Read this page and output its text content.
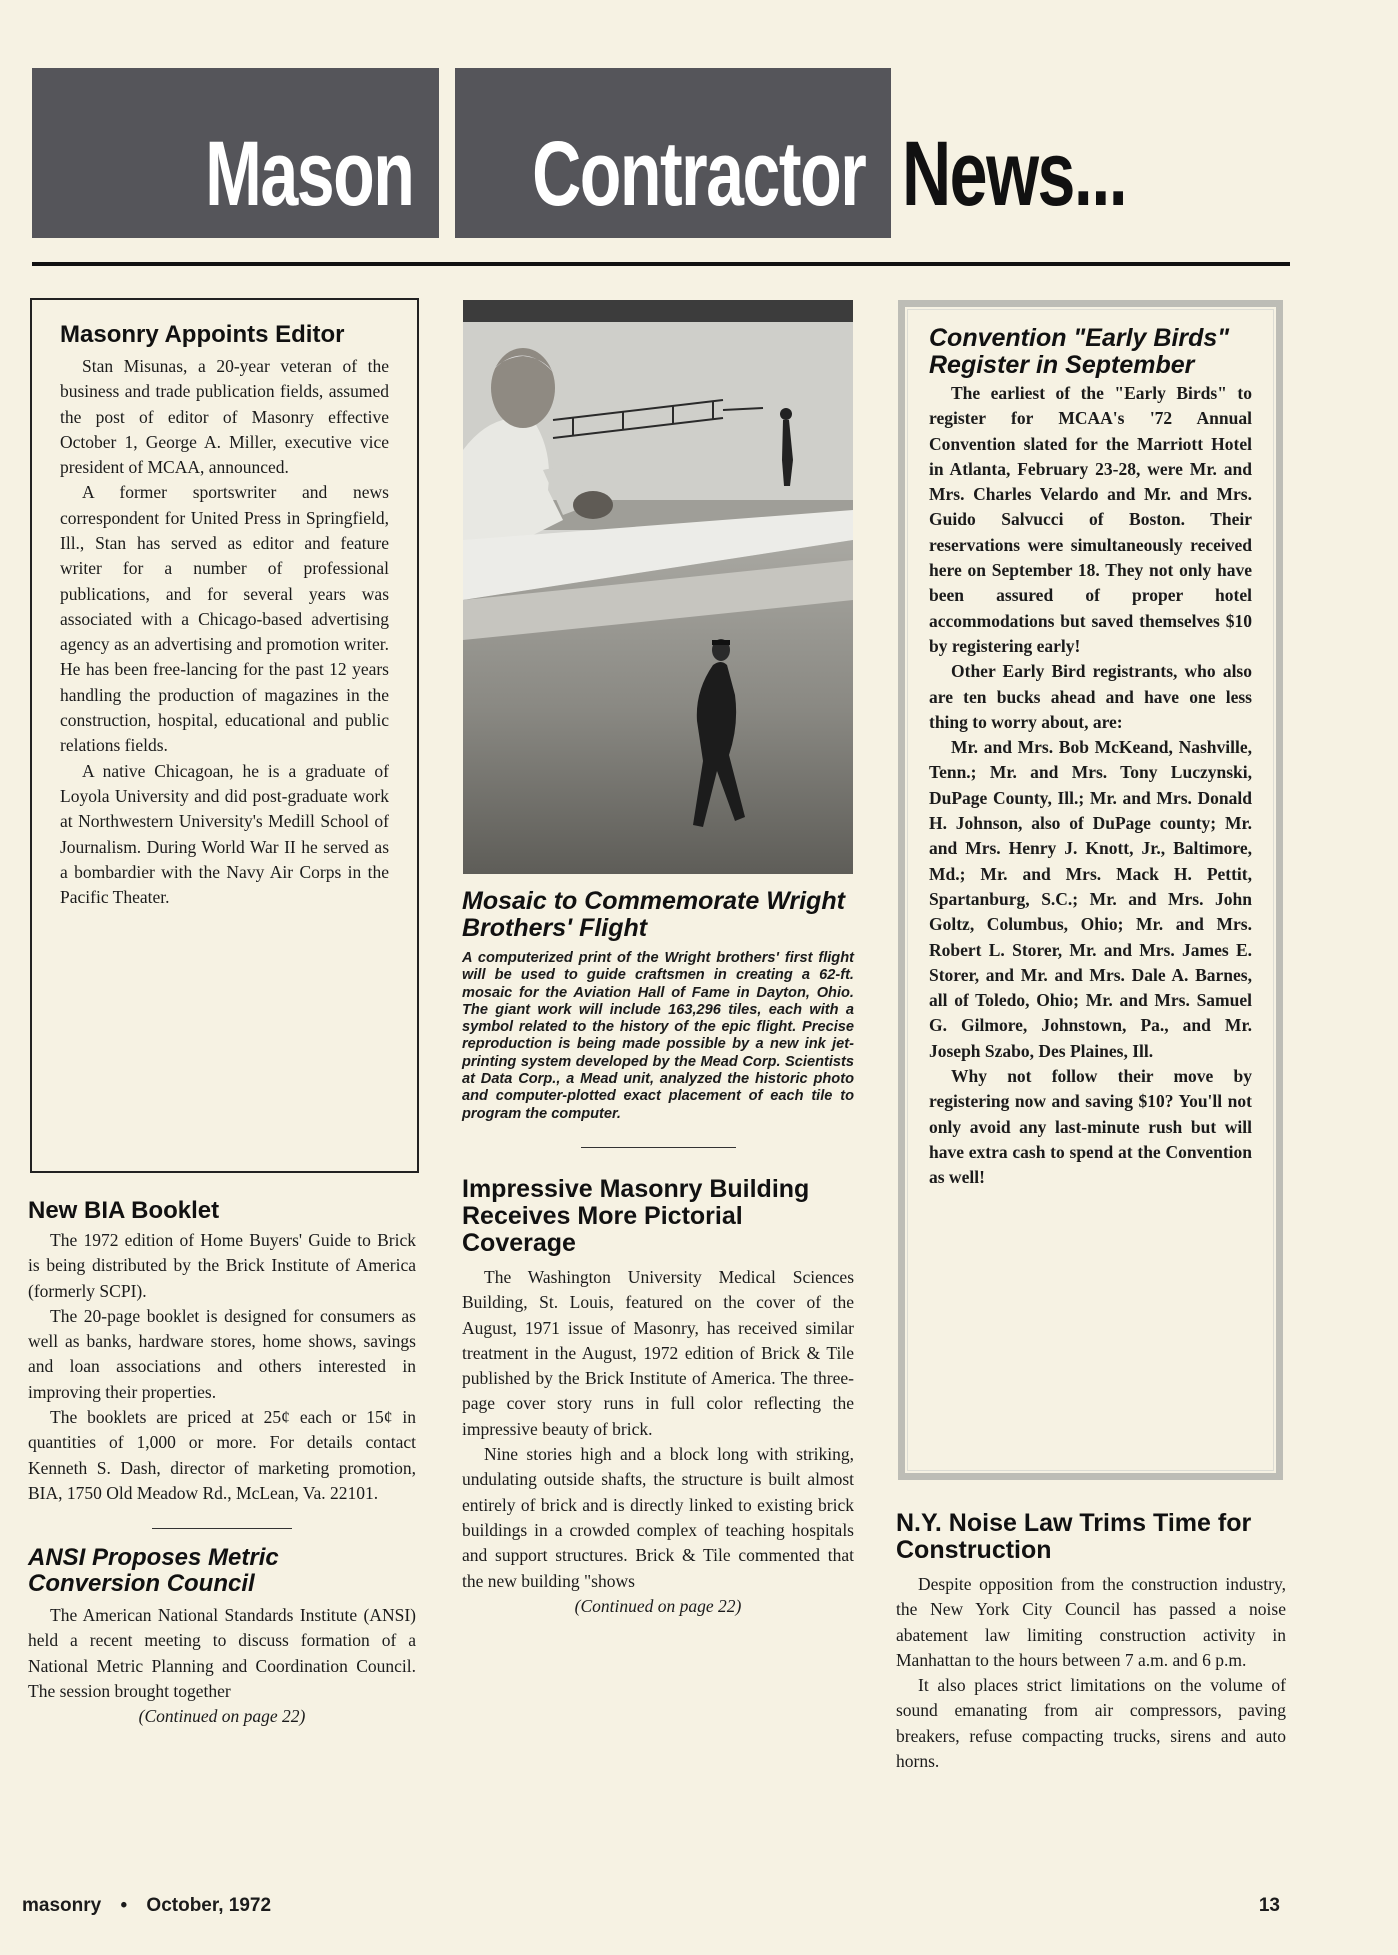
Mason Contractor News...
Masonry Appoints Editor

Stan Misunas, a 20-year veteran of the business and trade publication fields, assumed the post of editor of Masonry effective October 1, George A. Miller, executive vice president of MCAA, announced.

A former sportswriter and news correspondent for United Press in Springfield, Ill., Stan has served as editor and feature writer for a number of professional publications, and for several years was associated with a Chicago-based advertising agency as an advertising and promotion writer. He has been free-lancing for the past 12 years handling the production of magazines in the construction, hospital, educational and public relations fields.

A native Chicagoan, he is a graduate of Loyola University and did post-graduate work at Northwestern University's Medill School of Journalism. During World War II he served as a bombardier with the Navy Air Corps in the Pacific Theater.

New BIA Booklet

The 1972 edition of Home Buyers' Guide to Brick is being distributed by the Brick Institute of America (formerly SCPI).

The 20-page booklet is designed for consumers as well as banks, hardware stores, home shows, savings and loan associations and others interested in improving their properties.

The booklets are priced at 25¢ each or 15¢ in quantities of 1,000 or more. For details contact Kenneth S. Dash, director of marketing promotion, BIA, 1750 Old Meadow Rd., McLean, Va. 22101.

ANSI Proposes Metric Conversion Council

The American National Standards Institute (ANSI) held a recent meeting to discuss formation of a National Metric Planning and Coordination Council. The session brought together

(Continued on page 22)
Mosaic to Commemorate Wright Brothers' Flight

A computerized print of the Wright brothers' first flight will be used to guide craftsmen in creating a 62-ft. mosaic for the Aviation Hall of Fame in Dayton, Ohio. The giant work will include 163,296 tiles, each with a symbol related to the history of the epic flight. Precise reproduction is being made possible by a new ink jet-printing system developed by the Mead Corp. Scientists at Data Corp., a Mead unit, analyzed the historic photo and computer-plotted exact placement of each tile to program the computer.

Impressive Masonry Building Receives More Pictorial Coverage

The Washington University Medical Sciences Building, St. Louis, featured on the cover of the August, 1971 issue of Masonry, has received similar treatment in the August, 1972 edition of Brick & Tile published by the Brick Institute of America. The three-page cover story runs in full color reflecting the impressive beauty of brick.

Nine stories high and a block long with striking, undulating outside shafts, the structure is built almost entirely of brick and is directly linked to existing brick buildings in a crowded complex of teaching hospitals and support structures. Brick & Tile commented that the new building "shows

(Continued on page 22)
Convention "Early Birds" Register in September

The earliest of the "Early Birds" to register for MCAA's '72 Annual Convention slated for the Marriott Hotel in Atlanta, February 23-28, were Mr. and Mrs. Charles Velardo and Mr. and Mrs. Guido Salvucci of Boston. Their reservations were simultaneously received here on September 18. They not only have been assured of proper hotel accommodations but saved themselves $10 by registering early!

Other Early Bird registrants, who also are ten bucks ahead and have one less thing to worry about, are:

Mr. and Mrs. Bob McKeand, Nashville, Tenn.; Mr. and Mrs. Tony Luczynski, DuPage County, Ill.; Mr. and Mrs. Donald H. Johnson, also of DuPage county; Mr. and Mrs. Henry J. Knott, Jr., Baltimore, Md.; Mr. and Mrs. Mack H. Pettit, Spartanburg, S.C.; Mr. and Mrs. John Goltz, Columbus, Ohio; Mr. and Mrs. Robert L. Storer, Mr. and Mrs. James E. Storer, and Mr. and Mrs. Dale A. Barnes, all of Toledo, Ohio; Mr. and Mrs. Samuel G. Gilmore, Johnstown, Pa., and Mr. Joseph Szabo, Des Plaines, Ill.

Why not follow their move by registering now and saving $10? You'll not only avoid any last-minute rush but will have extra cash to spend at the Convention as well!

N.Y. Noise Law Trims Time for Construction

Despite opposition from the construction industry, the New York City Council has passed a noise abatement law limiting construction activity in Manhattan to the hours between 7 a.m. and 6 p.m.

It also places strict limitations on the volume of sound emanating from air compressors, paving breakers, refuse compacting trucks, sirens and auto horns.

masonry • October, 1972	13
